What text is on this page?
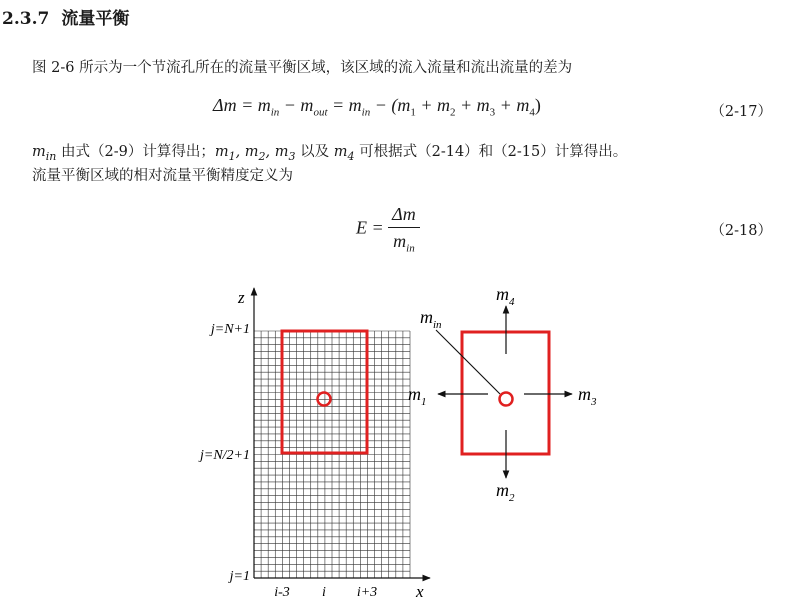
2.3.7 流量平衡
图 2-6 所示为一个节流孔所在的流量平衡区域，该区域的流入流量和流出流量的差为
$\Delta m = m_{in} - m_{out} = m_{in} - (m_1 + m_2 + m_3 + m_4)$	（2-17）
$m_{in}$ 由式（2-9）计算得出；$m_1$, $m_2$, $m_3$ 以及 $m_4$ 可根据式（2-14）和（2-15）计算得出。
流量平衡区域的相对流量平衡精度定义为
$E = \frac{\Delta m}{m_{in}}$	（2-18）
z
x
j=N+1
j=N/2+1
j=1
i-3 i i+3
$m_{in}$
$m_4$
$m_2$
$m_1$	$m_3$
